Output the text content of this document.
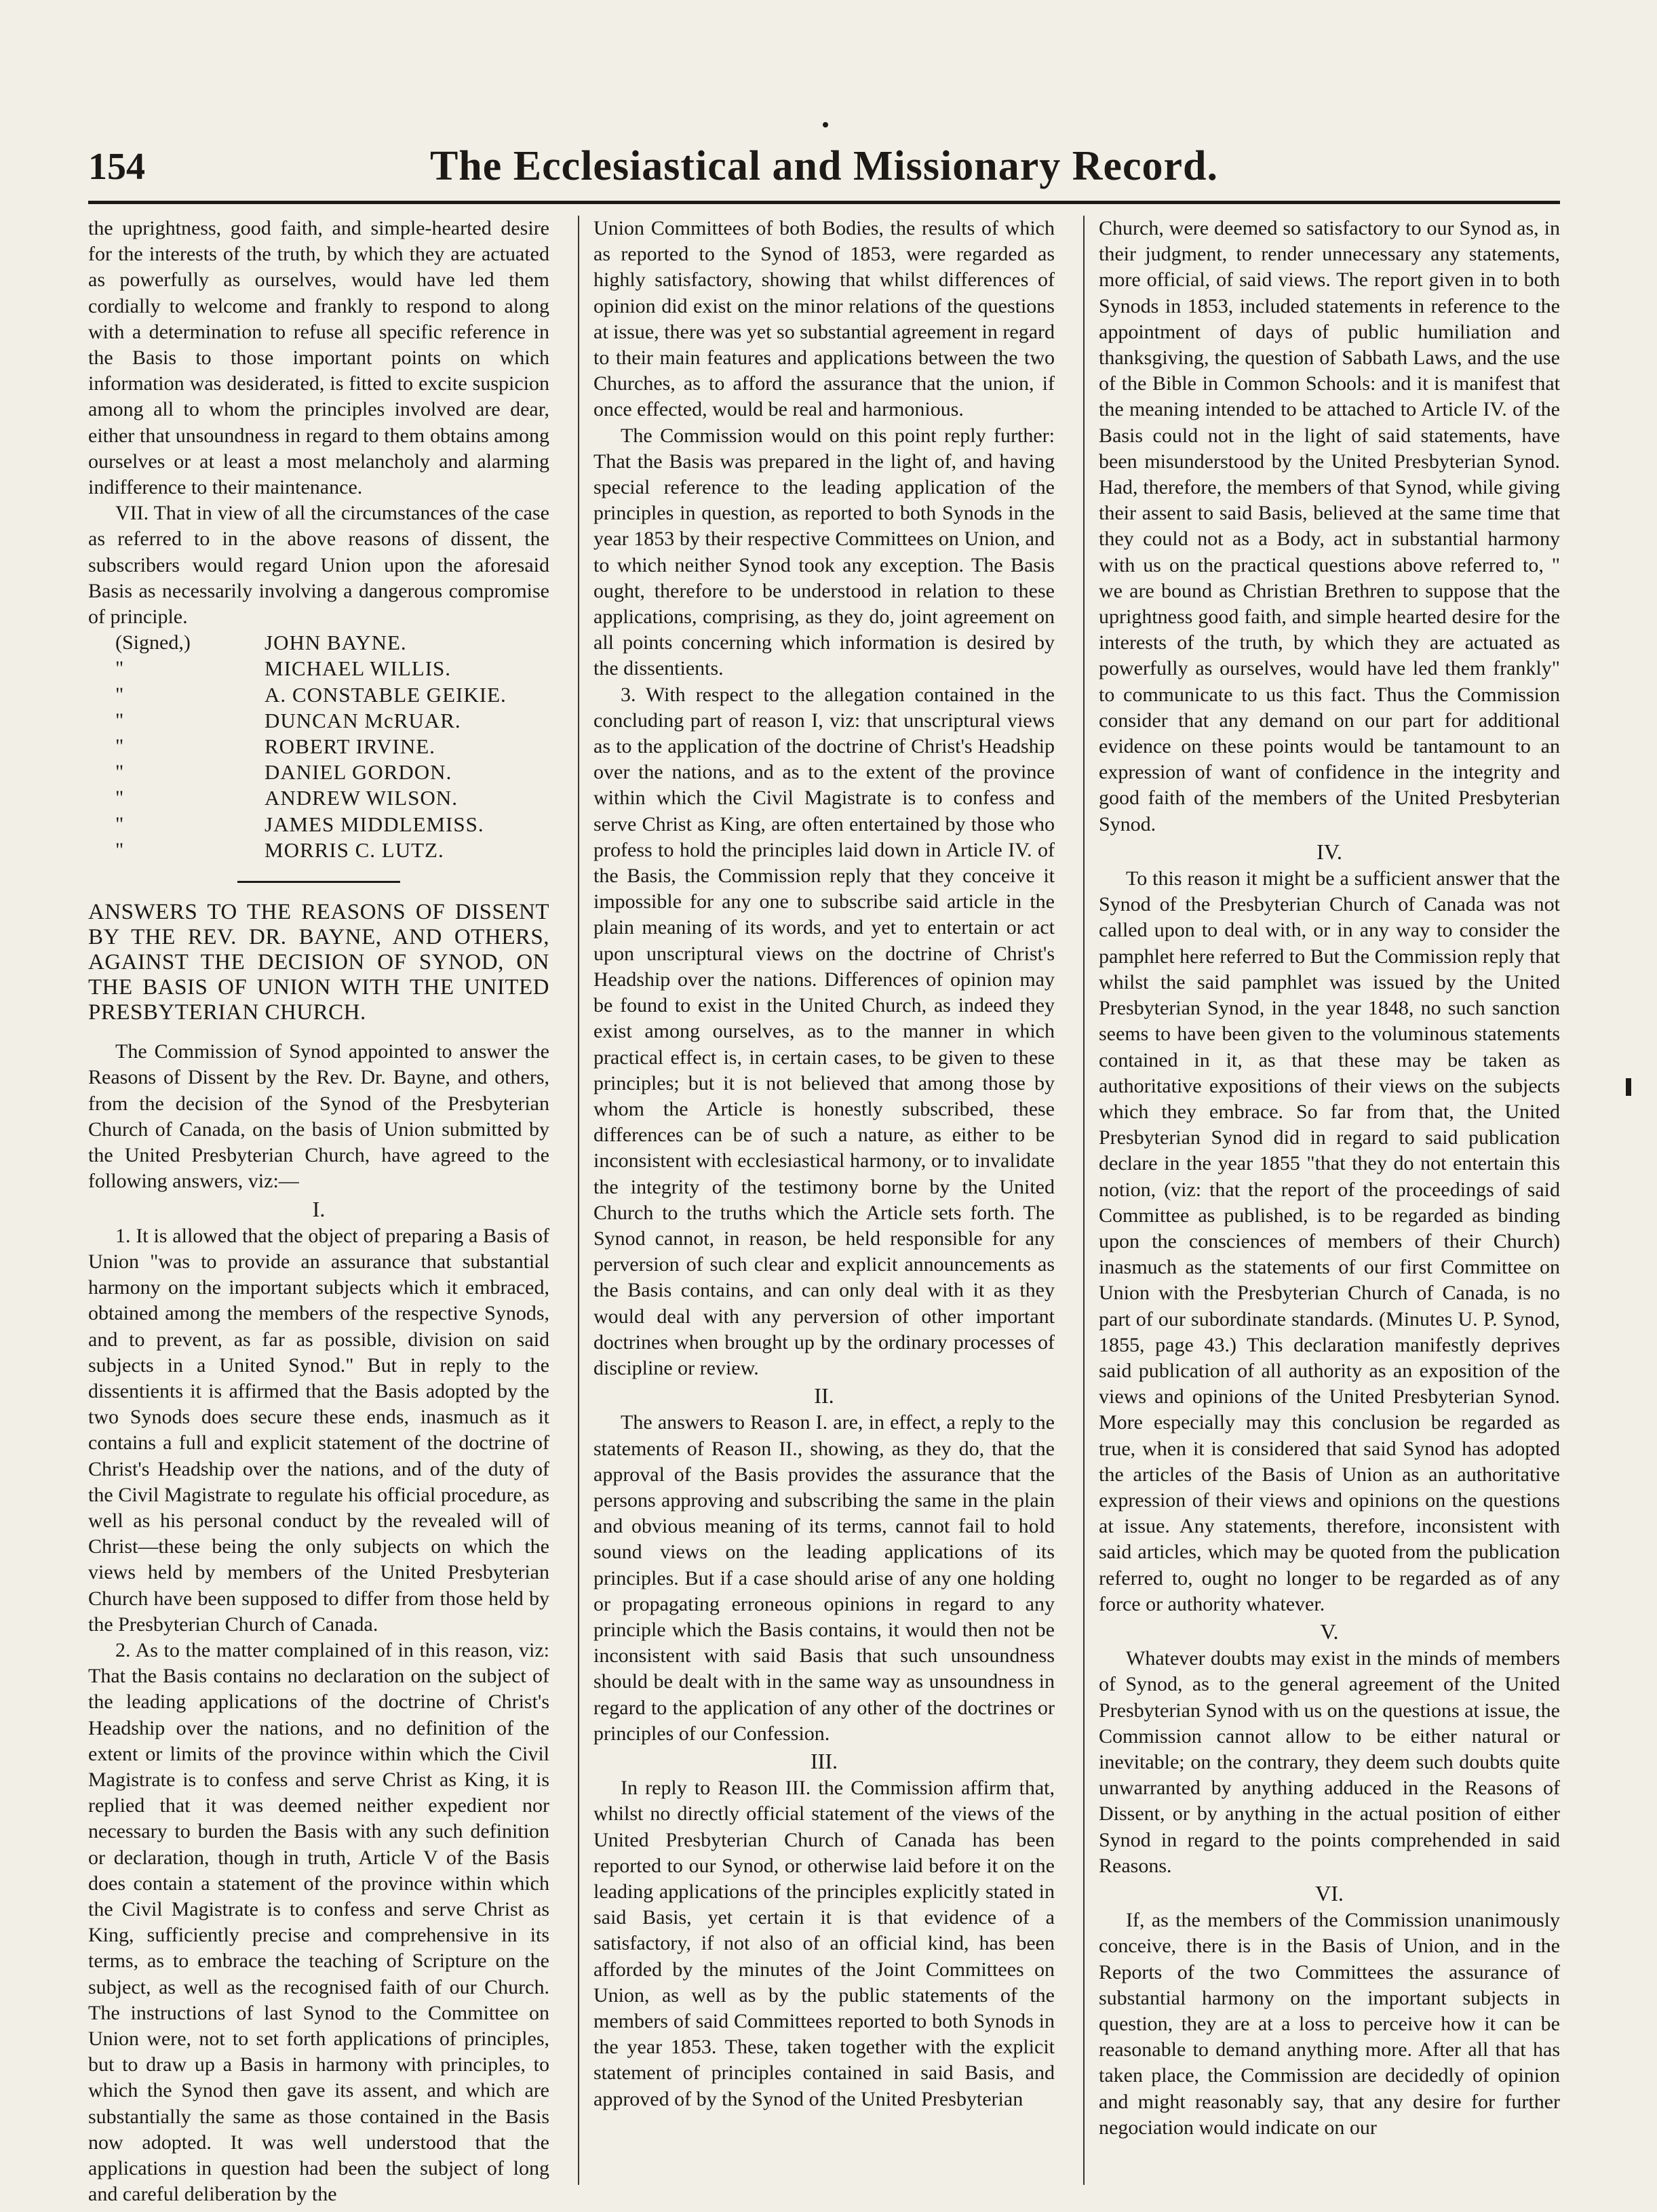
154	The Ecclesiastical and Missionary Record.

the uprightness, good faith, and simple-hearted desire for the interests of the truth, by which they are actuated as powerfully as ourselves, would have led them cordially to welcome and frankly to respond to along with a determination to refuse all specific reference in the Basis to those important points on which information was desiderated, is fitted to excite suspicion among all to whom the principles involved are dear, either that unsoundness in regard to them obtains among ourselves or at least a most melancholy and alarming indifference to their maintenance.

VII. That in view of all the circumstances of the case as referred to in the above reasons of dissent, the subscribers would regard Union upon the aforesaid Basis as necessarily involving a dangerous compromise of principle.

(Signed,)	JOHN BAYNE.
"	MICHAEL WILLIS.
"	A. CONSTABLE GEIKIE.
"	DUNCAN McRUAR.
"	ROBERT IRVINE.
"	DANIEL GORDON.
"	ANDREW WILSON.
"	JAMES MIDDLEMISS.
"	MORRIS C. LUTZ.
ANSWERS TO THE REASONS OF DISSENT BY THE REV. DR. BAYNE, AND OTHERS, AGAINST THE DECISION OF SYNOD, ON THE BASIS OF UNION WITH THE UNITED PRESBYTERIAN CHURCH.

The Commission of Synod appointed to answer the Reasons of Dissent by the Rev. Dr. Bayne, and others, from the decision of the Synod of the Presbyterian Church of Canada, on the basis of Union submitted by the United Presbyterian Church, have agreed to the following answers, viz:—

I.

1. It is allowed that the object of preparing a Basis of Union "was to provide an assurance that substantial harmony on the important subjects which it embraced, obtained among the members of the respective Synods, and to prevent, as far as possible, division on said subjects in a United Synod." But in reply to the dissentients it is affirmed that the Basis adopted by the two Synods does secure these ends, inasmuch as it contains a full and explicit statement of the doctrine of Christ's Headship over the nations, and of the duty of the Civil Magistrate to regulate his official procedure, as well as his personal conduct by the revealed will of Christ—these being the only subjects on which the views held by members of the United Presbyterian Church have been supposed to differ from those held by the Presbyterian Church of Canada.

2. As to the matter complained of in this reason, viz: That the Basis contains no declaration on the subject of the leading applications of the doctrine of Christ's Headship over the nations, and no definition of the extent or limits of the province within which the Civil Magistrate is to confess and serve Christ as King, it is replied that it was deemed neither expedient nor necessary to burden the Basis with any such definition or declaration, though in truth, Article V of the Basis does contain a statement of the province within which the Civil Magistrate is to confess and serve Christ as King, sufficiently precise and comprehensive in its terms, as to embrace the teaching of Scripture on the subject, as well as the recognised faith of our Church. The instructions of last Synod to the Committee on Union were, not to set forth applications of principles, but to draw up a Basis in harmony with principles, to which the Synod then gave its assent, and which are substantially the same as those contained in the Basis now adopted. It was well understood that the applications in question had been the subject of long and careful deliberation by the

Union Committees of both Bodies, the results of which as reported to the Synod of 1853, were regarded as highly satisfactory, showing that whilst differences of opinion did exist on the minor relations of the questions at issue, there was yet so substantial agreement in regard to their main features and applications between the two Churches, as to afford the assurance that the union, if once effected, would be real and harmonious.

The Commission would on this point reply further: That the Basis was prepared in the light of, and having special reference to the leading application of the principles in question, as reported to both Synods in the year 1853 by their respective Committees on Union, and to which neither Synod took any exception. The Basis ought, therefore to be understood in relation to these applications, comprising, as they do, joint agreement on all points concerning which information is desired by the dissentients.

3. With respect to the allegation contained in the concluding part of reason I, viz: that unscriptural views as to the application of the doctrine of Christ's Headship over the nations, and as to the extent of the province within which the Civil Magistrate is to confess and serve Christ as King, are often entertained by those who profess to hold the principles laid down in Article IV. of the Basis, the Commission reply that they conceive it impossible for any one to subscribe said article in the plain meaning of its words, and yet to entertain or act upon unscriptural views on the doctrine of Christ's Headship over the nations. Differences of opinion may be found to exist in the United Church, as indeed they exist among ourselves, as to the manner in which practical effect is, in certain cases, to be given to these principles; but it is not believed that among those by whom the Article is honestly subscribed, these differences can be of such a nature, as either to be inconsistent with ecclesiastical harmony, or to invalidate the integrity of the testimony borne by the United Church to the truths which the Article sets forth. The Synod cannot, in reason, be held responsible for any perversion of such clear and explicit announcements as the Basis contains, and can only deal with it as they would deal with any perversion of other important doctrines when brought up by the ordinary processes of discipline or review.

II.

The answers to Reason I. are, in effect, a reply to the statements of Reason II., showing, as they do, that the approval of the Basis provides the assurance that the persons approving and subscribing the same in the plain and obvious meaning of its terms, cannot fail to hold sound views on the leading applications of its principles. But if a case should arise of any one holding or propagating erroneous opinions in regard to any principle which the Basis contains, it would then not be inconsistent with said Basis that such unsoundness should be dealt with in the same way as unsoundness in regard to the application of any other of the doctrines or principles of our Confession.

III.

In reply to Reason III. the Commission affirm that, whilst no directly official statement of the views of the United Presbyterian Church of Canada has been reported to our Synod, or otherwise laid before it on the leading applications of the principles explicitly stated in said Basis, yet certain it is that evidence of a satisfactory, if not also of an official kind, has been afforded by the minutes of the Joint Committees on Union, as well as by the public statements of the members of said Committees reported to both Synods in the year 1853. These, taken together with the explicit statement of principles contained in said Basis, and approved of by the Synod of the United Presbyterian

Church, were deemed so satisfactory to our Synod as, in their judgment, to render unnecessary any statements, more official, of said views. The report given in to both Synods in 1853, included statements in reference to the appointment of days of public humiliation and thanksgiving, the question of Sabbath Laws, and the use of the Bible in Common Schools: and it is manifest that the meaning intended to be attached to Article IV. of the Basis could not in the light of said statements, have been misunderstood by the United Presbyterian Synod. Had, therefore, the members of that Synod, while giving their assent to said Basis, believed at the same time that they could not as a Body, act in substantial harmony with us on the practical questions above referred to, " we are bound as Christian Brethren to suppose that the uprightness good faith, and simple hearted desire for the interests of the truth, by which they are actuated as powerfully as ourselves, would have led them frankly" to communicate to us this fact. Thus the Commission consider that any demand on our part for additional evidence on these points would be tantamount to an expression of want of confidence in the integrity and good faith of the members of the United Presbyterian Synod.

IV.

To this reason it might be a sufficient answer that the Synod of the Presbyterian Church of Canada was not called upon to deal with, or in any way to consider the pamphlet here referred to But the Commission reply that whilst the said pamphlet was issued by the United Presbyterian Synod, in the year 1848, no such sanction seems to have been given to the voluminous statements contained in it, as that these may be taken as authoritative expositions of their views on the subjects which they embrace. So far from that, the United Presbyterian Synod did in regard to said publication declare in the year 1855 "that they do not entertain this notion, (viz: that the report of the proceedings of said Committee as published, is to be regarded as binding upon the consciences of members of their Church) inasmuch as the statements of our first Committee on Union with the Presbyterian Church of Canada, is no part of our subordinate standards. (Minutes U. P. Synod, 1855, page 43.) This declaration manifestly deprives said publication of all authority as an exposition of the views and opinions of the United Presbyterian Synod. More especially may this conclusion be regarded as true, when it is considered that said Synod has adopted the articles of the Basis of Union as an authoritative expression of their views and opinions on the questions at issue. Any statements, therefore, inconsistent with said articles, which may be quoted from the publication referred to, ought no longer to be regarded as of any force or authority whatever.

V.

Whatever doubts may exist in the minds of members of Synod, as to the general agreement of the United Presbyterian Synod with us on the questions at issue, the Commission cannot allow to be either natural or inevitable; on the contrary, they deem such doubts quite unwarranted by anything adduced in the Reasons of Dissent, or by anything in the actual position of either Synod in regard to the points comprehended in said Reasons.

VI.

If, as the members of the Commission unanimously conceive, there is in the Basis of Union, and in the Reports of the two Committees the assurance of substantial harmony on the important subjects in question, they are at a loss to perceive how it can be reasonable to demand anything more. After all that has taken place, the Commission are decidedly of opinion and might reasonably say, that any desire for further negociation would indicate on our
